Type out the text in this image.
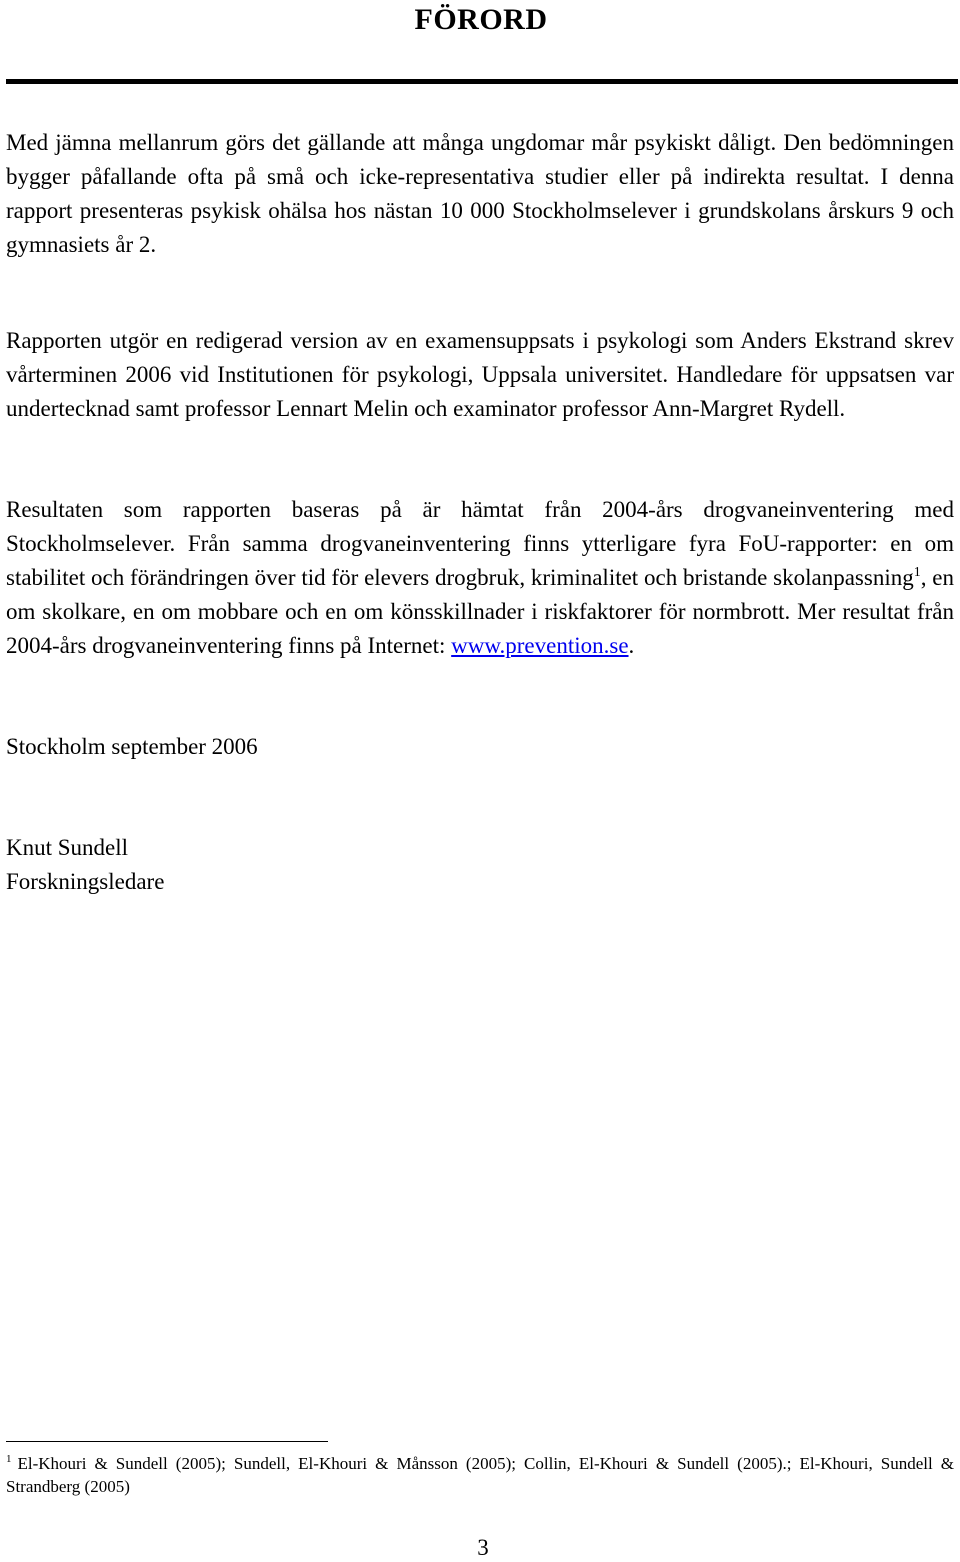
FÖRORD

Med jämna mellanrum görs det gällande att många ungdomar mår psykiskt dåligt. Den bedömningen bygger påfallande ofta på små och icke-representativa studier eller på indirekta resultat. I denna rapport presenteras psykisk ohälsa hos nästan 10 000 Stockholmselever i grundskolans årskurs 9 och gymnasiets år 2.

Rapporten utgör en redigerad version av en examensuppsats i psykologi som Anders Ekstrand skrev vårterminen 2006 vid Institutionen för psykologi, Uppsala universitet. Handledare för uppsatsen var undertecknad samt professor Lennart Melin och examinator professor Ann-Margret Rydell.

Resultaten som rapporten baseras på är hämtat från 2004-års drogvaneinventering med Stockholmselever. Från samma drogvaneinventering finns ytterligare fyra FoU-rapporter: en om stabilitet och förändringen över tid för elevers drogbruk, kriminalitet och bristande skolanpassning$^1$, en om skolkare, en om mobbare och en om könsskillnader i riskfaktorer för normbrott. Mer resultat från 2004-års drogvaneinventering finns på Internet: www.prevention.se.

Stockholm september 2006

Knut Sundell

Forskningsledare

$^1$ El-Khouri & Sundell (2005); Sundell, El-Khouri & Månsson (2005); Collin, El-Khouri & Sundell (2005).; El-Khouri, Sundell & Strandberg (2005)

3
